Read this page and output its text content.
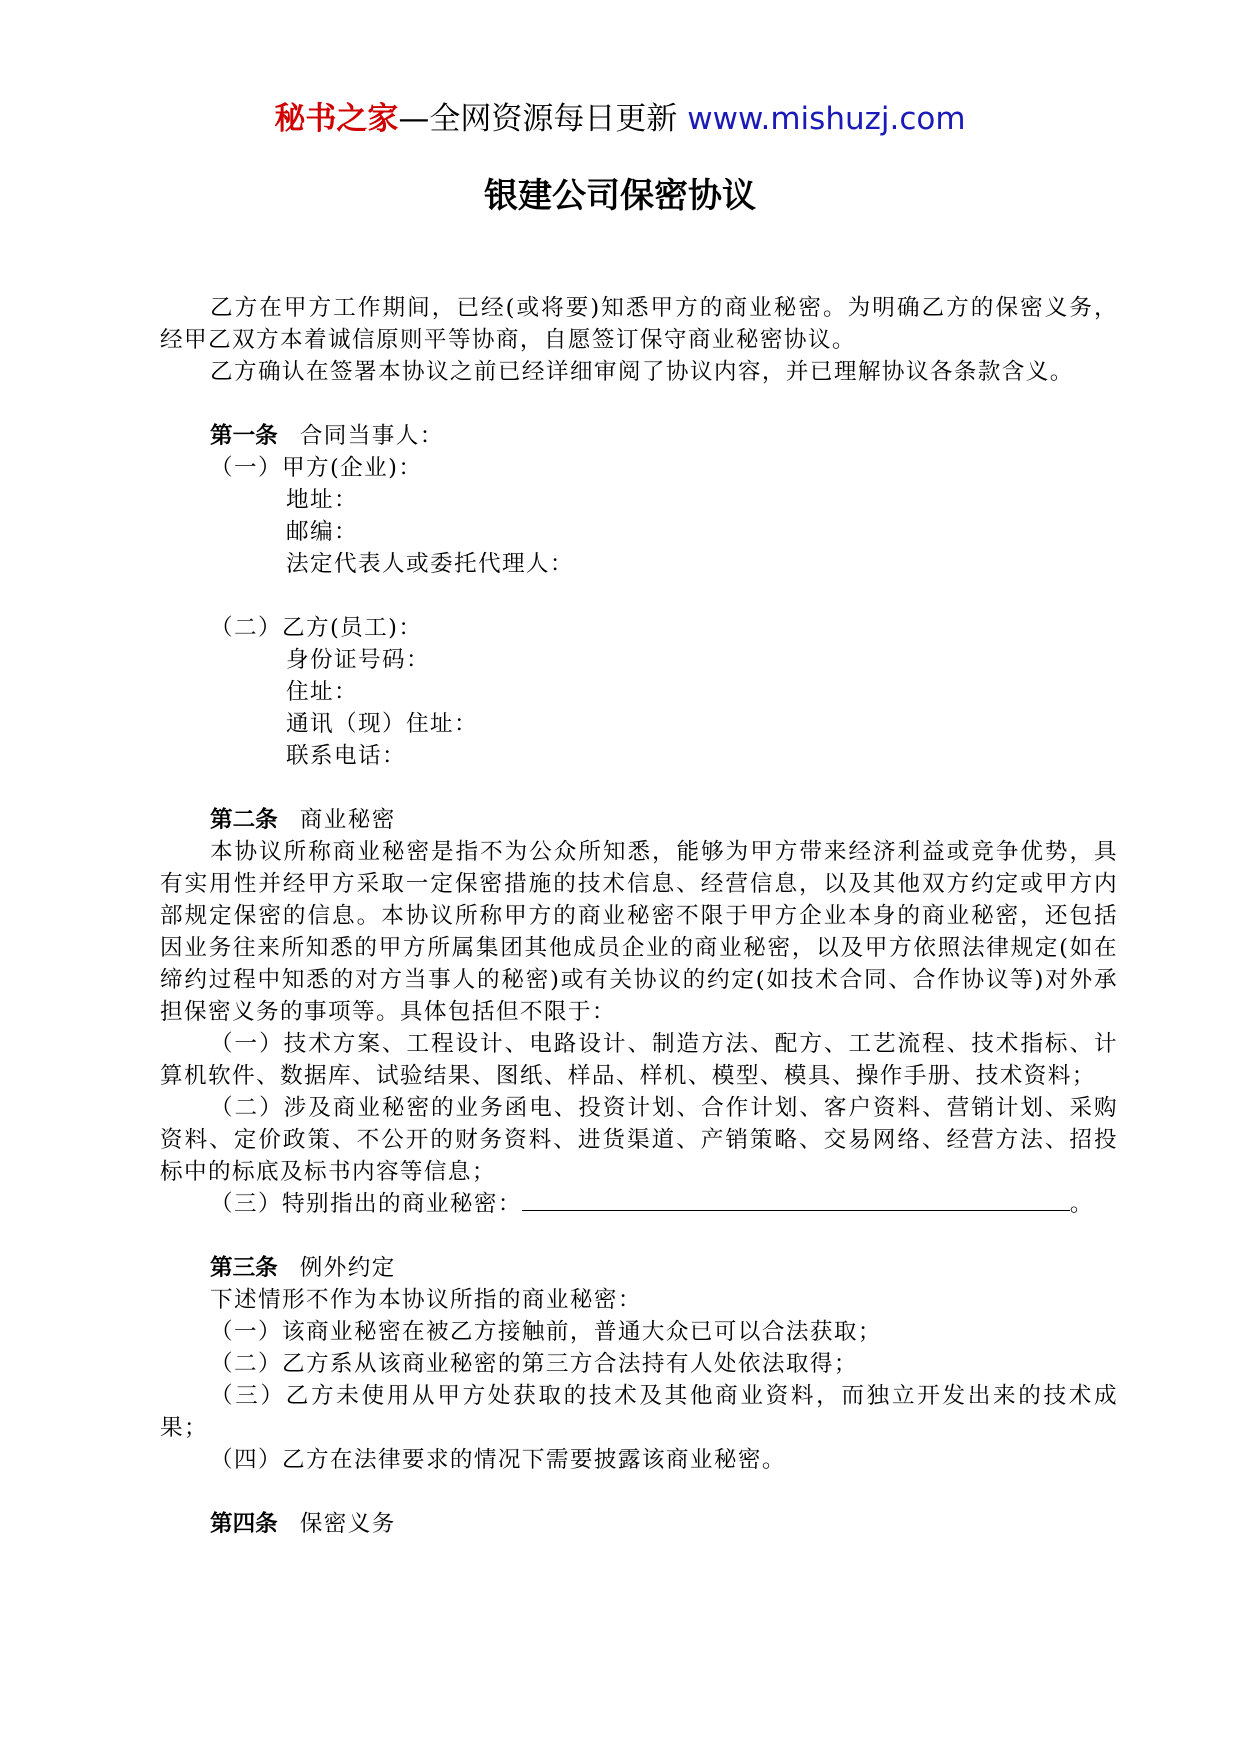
秘书之家—全网资源每日更新 www.mishuzj.com
银建公司保密协议

乙方在甲方工作期间，已经(或将要)知悉甲方的商业秘密。为明确乙方的保密义务，经甲乙双方本着诚信原则平等协商，自愿签订保守商业秘密协议。

乙方确认在签署本协议之前已经详细审阅了协议内容，并已理解协议各条款含义。

第一条 合同当事人：

（一）甲方(企业)：

地址：

邮编：

法定代表人或委托代理人：

（二）乙方(员工)：

身份证号码：

住址：

通讯（现）住址：

联系电话：

第二条 商业秘密

本协议所称商业秘密是指不为公众所知悉，能够为甲方带来经济利益或竞争优势，具有实用性并经甲方采取一定保密措施的技术信息、经营信息，以及其他双方约定或甲方内部规定保密的信息。本协议所称甲方的商业秘密不限于甲方企业本身的商业秘密，还包括因业务往来所知悉的甲方所属集团其他成员企业的商业秘密，以及甲方依照法律规定(如在缔约过程中知悉的对方当事人的秘密)或有关协议的约定(如技术合同、合作协议等)对外承担保密义务的事项等。具体包括但不限于：

（一）技术方案、工程设计、电路设计、制造方法、配方、工艺流程、技术指标、计算机软件、数据库、试验结果、图纸、样品、样机、模型、模具、操作手册、技术资料；

（二）涉及商业秘密的业务函电、投资计划、合作计划、客户资料、营销计划、采购资料、定价政策、不公开的财务资料、进货渠道、产销策略、交易网络、经营方法、招投标中的标底及标书内容等信息；

（三）特别指出的商业秘密：	。

第三条 例外约定

下述情形不作为本协议所指的商业秘密：

（一）该商业秘密在被乙方接触前，普通大众已可以合法获取；

（二）乙方系从该商业秘密的第三方合法持有人处依法取得；

（三）乙方未使用从甲方处获取的技术及其他商业资料，而独立开发出来的技术成果；

（四）乙方在法律要求的情况下需要披露该商业秘密。

第四条 保密义务
